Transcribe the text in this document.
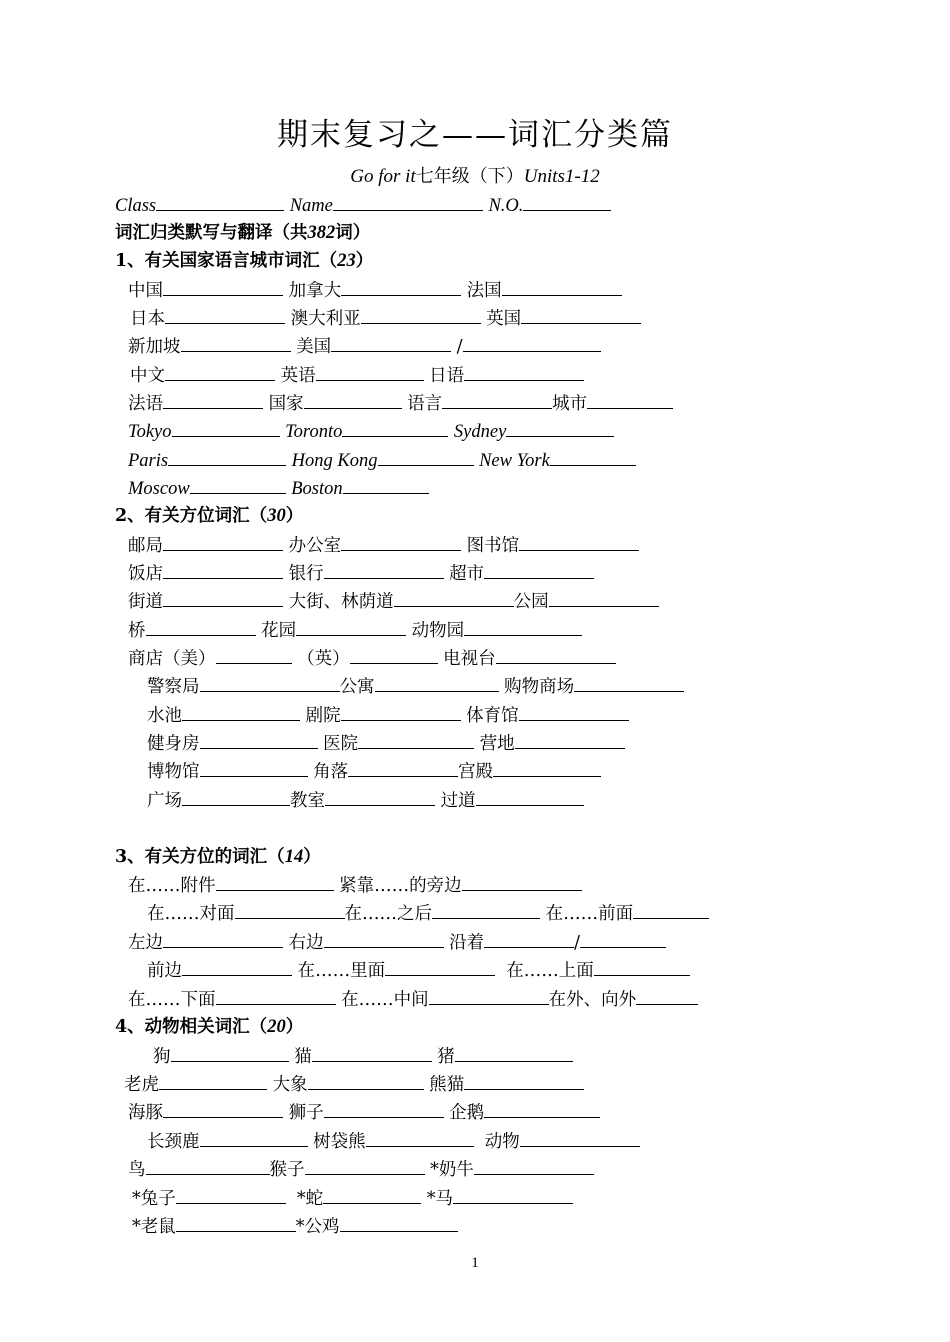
期末复习之——词汇分类篇
Go for it七年级（下）Units1-12
Class	Name	N.O.
词汇归类默写与翻译（共382词）
1、有关国家语言城市词汇（23）
中国	加拿大	法国
日本	澳大利亚	英国
新加坡	美国	/
中文	英语	日语
法语	国家	语言	城市
Tokyo	Toronto	Sydney
Paris	Hong Kong	New York
Moscow	Boston
2、有关方位词汇（30）
邮局	办公室	图书馆
饭店	银行	超市
街道	大街、林荫道	公园
桥	花园	动物园
商店（美）	（英）	电视台
警察局	公寓	购物商场
水池	剧院	体育馆
健身房	医院	营地
博物馆	角落	宫殿
广场	教室	过道
3、有关方位的词汇（14）
在……附件	紧靠……的旁边
在……对面	在……之后	在……前面
左边	右边	沿着	/
前边	在……里面	在……上面
在……下面	在……中间	在外、向外
4、动物相关词汇（20）
狗	猫	猪
老虎	大象	熊猫
海豚	狮子	企鹅
长颈鹿	树袋熊	动物
鸟	猴子	*奶牛
*兔子	*蛇	*马
*老鼠	*公鸡
1
